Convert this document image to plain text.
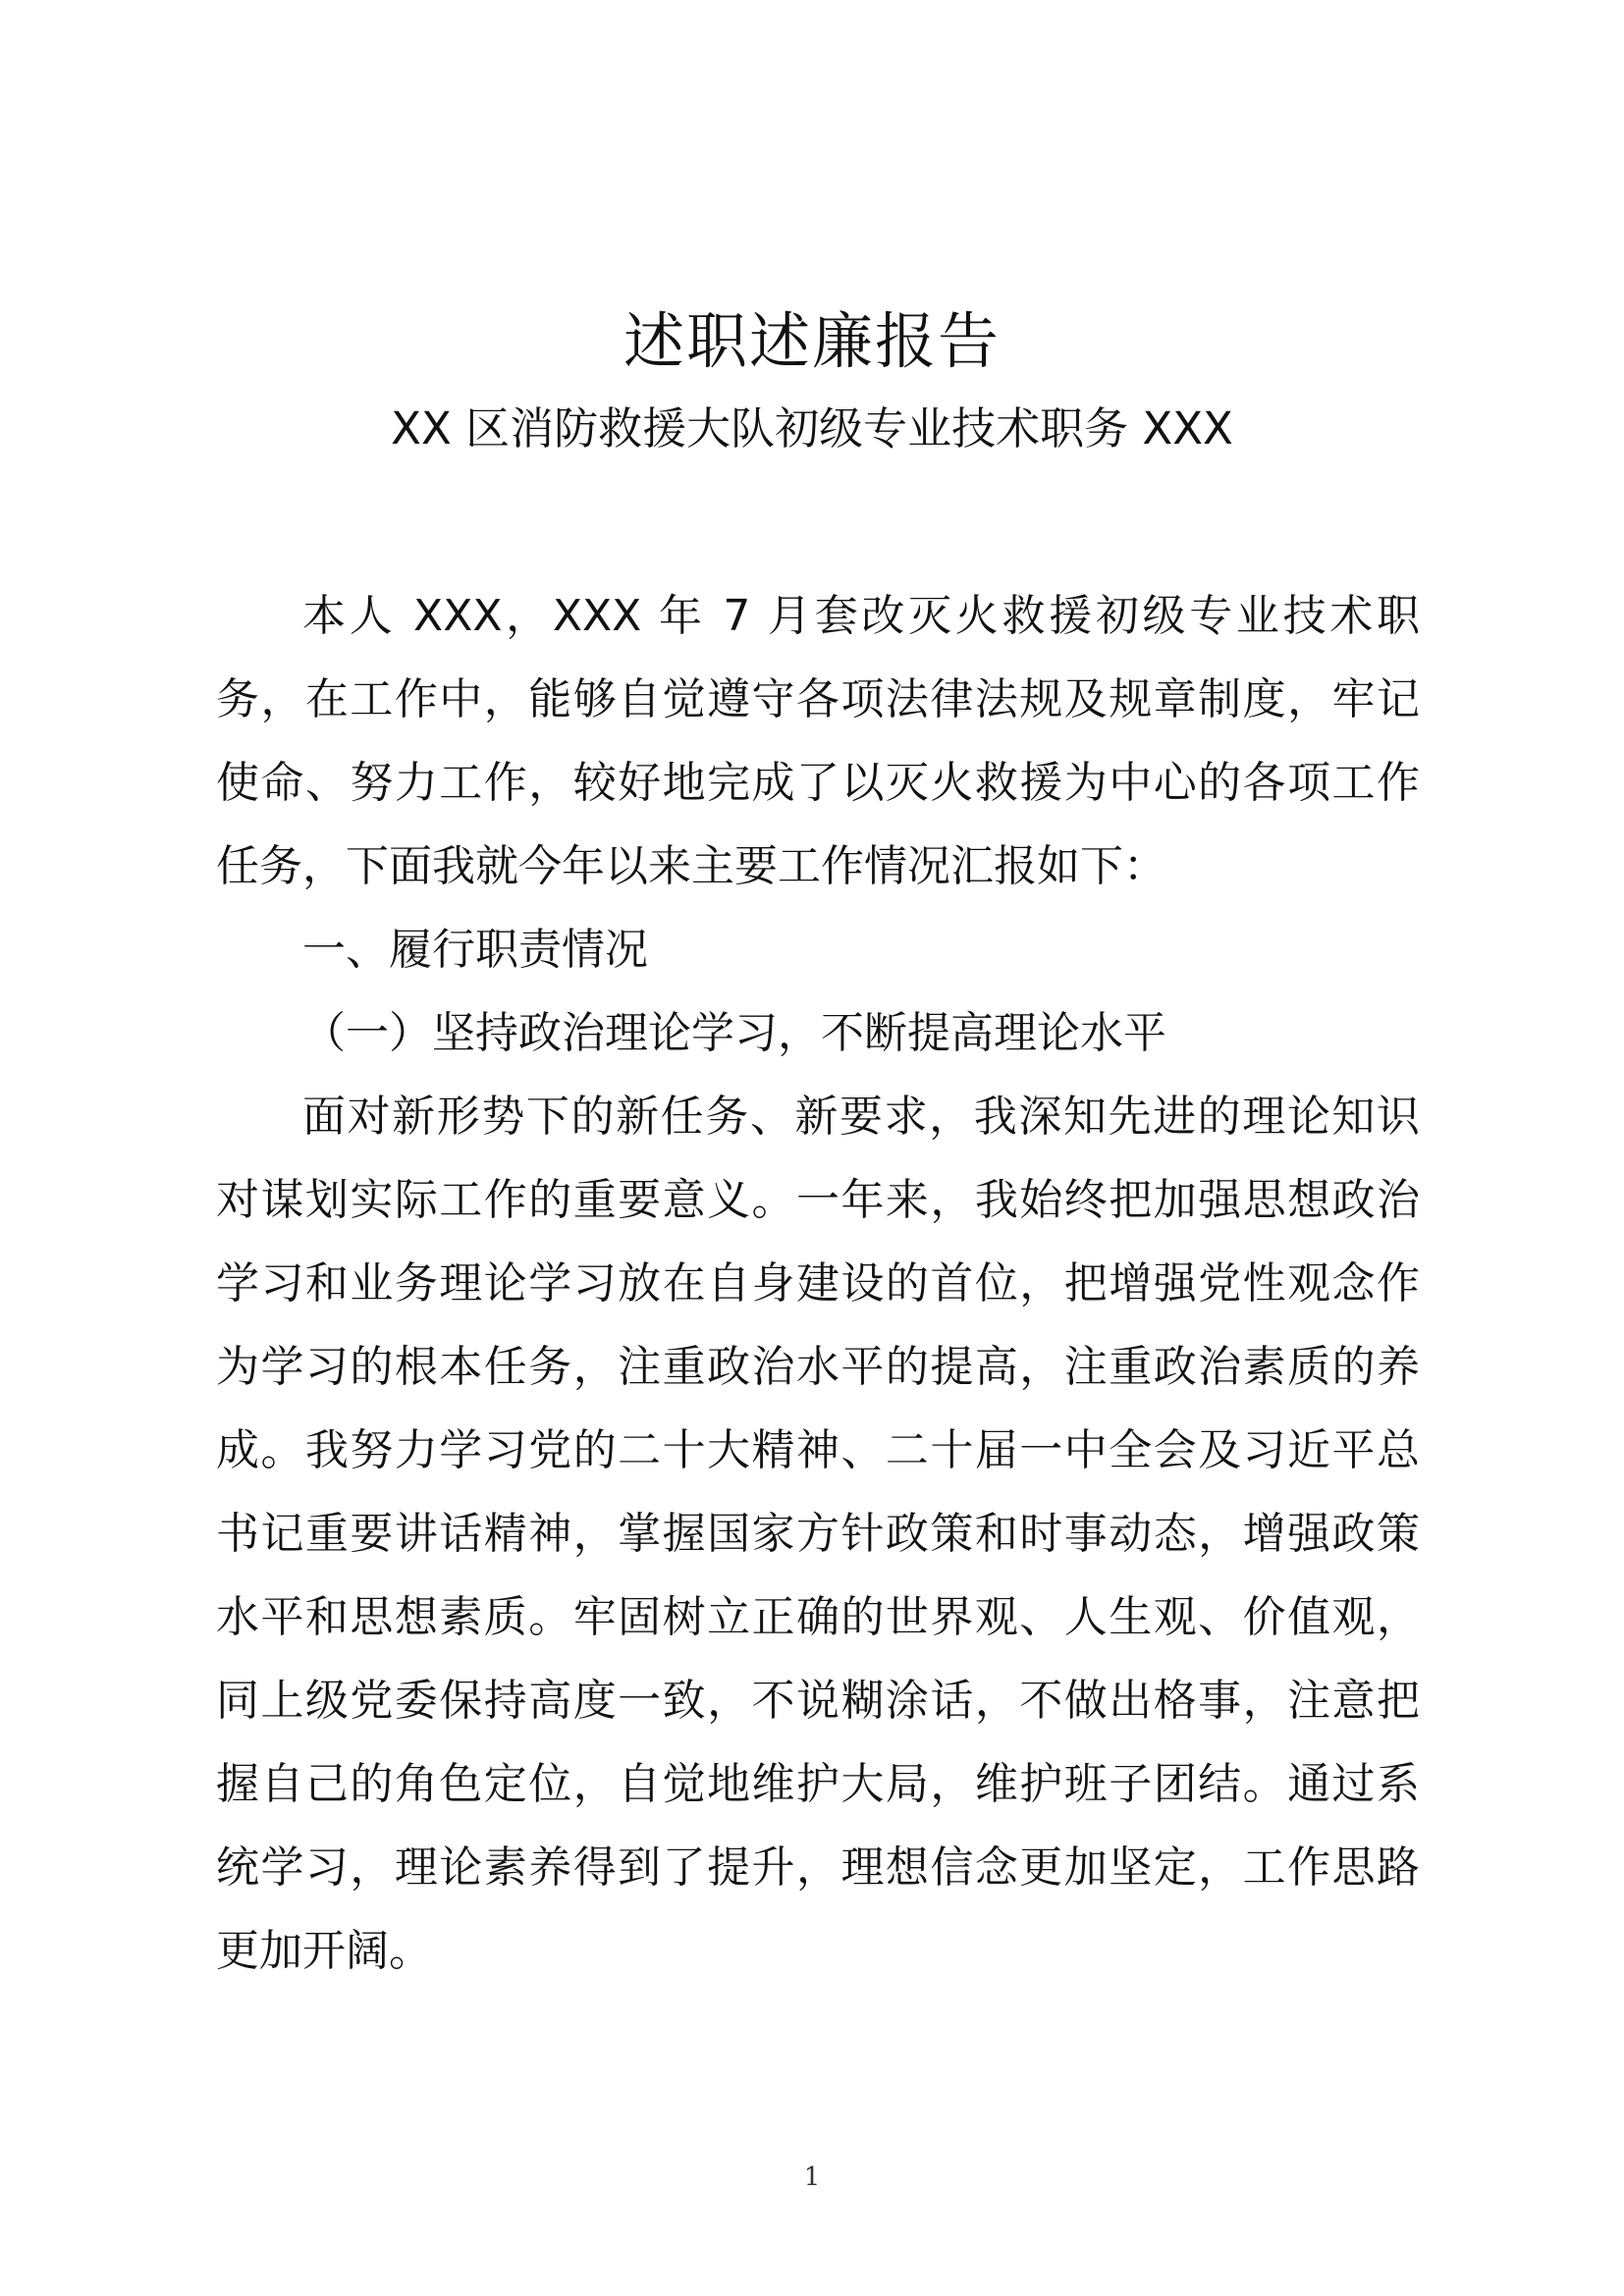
述职述廉报告
XX 区消防救援大队初级专业技术职务 XXX

本人 XXX，XXX 年 7 月套改灭火救援初级专业技术职务，在工作中，能够自觉遵守各项法律法规及规章制度，牢记使命、努力工作，较好地完成了以灭火救援为中心的各项工作任务，下面我就今年以来主要工作情况汇报如下：

一、履行职责情况

（一）坚持政治理论学习，不断提高理论水平

面对新形势下的新任务、新要求，我深知先进的理论知识对谋划实际工作的重要意义。一年来，我始终把加强思想政治学习和业务理论学习放在自身建设的首位，把增强党性观念作为学习的根本任务，注重政治水平的提高，注重政治素质的养成。我努力学习党的二十大精神、二十届一中全会及习近平总书记重要讲话精神，掌握国家方针政策和时事动态，增强政策水平和思想素质。牢固树立正确的世界观、人生观、价值观，同上级党委保持高度一致，不说糊涂话，不做出格事，注意把握自己的角色定位，自觉地维护大局，维护班子团结。通过系统学习，理论素养得到了提升，理想信念更加坚定，工作思路更加开阔。

1
